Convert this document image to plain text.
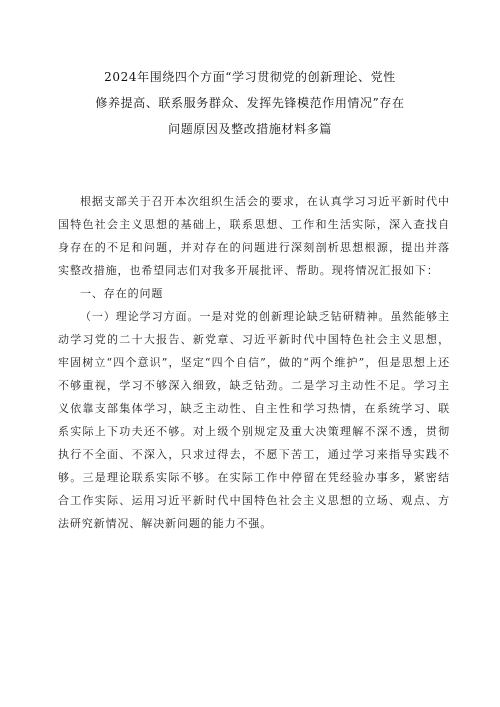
2024年围绕四个方面“学习贯彻党的创新理论、党性
修养提高、联系服务群众、发挥先锋模范作用情况”存在
问题原因及整改措施材料多篇

根据支部关于召开本次组织生活会的要求，在认真学习习近平新时代中国特色社会主义思想的基础上，联系思想、工作和生活实际，深入查找自身存在的不足和问题，并对存在的问题进行深刻剖析思想根源，提出并落实整改措施，也希望同志们对我多开展批评、帮助。现将情况汇报如下：

一、存在的问题

（一）理论学习方面。一是对党的创新理论缺乏钻研精神。虽然能够主动学习党的二十大报告、新党章、习近平新时代中国特色社会主义思想，牢固树立“四个意识”，坚定“四个自信”，做的“两个维护”，但是思想上还不够重视，学习不够深入细致，缺乏钻劲。二是学习主动性不足。学习主义依靠支部集体学习，缺乏主动性、自主性和学习热情，在系统学习、联系实际上下功夫还不够。对上级个别规定及重大决策理解不深不透，贯彻执行不全面、不深入，只求过得去，不愿下苦工，通过学习来指导实践不够。三是理论联系实际不够。在实际工作中停留在凭经验办事多，紧密结合工作实际、运用习近平新时代中国特色社会主义思想的立场、观点、方法研究新情况、解决新问题的能力不强。
